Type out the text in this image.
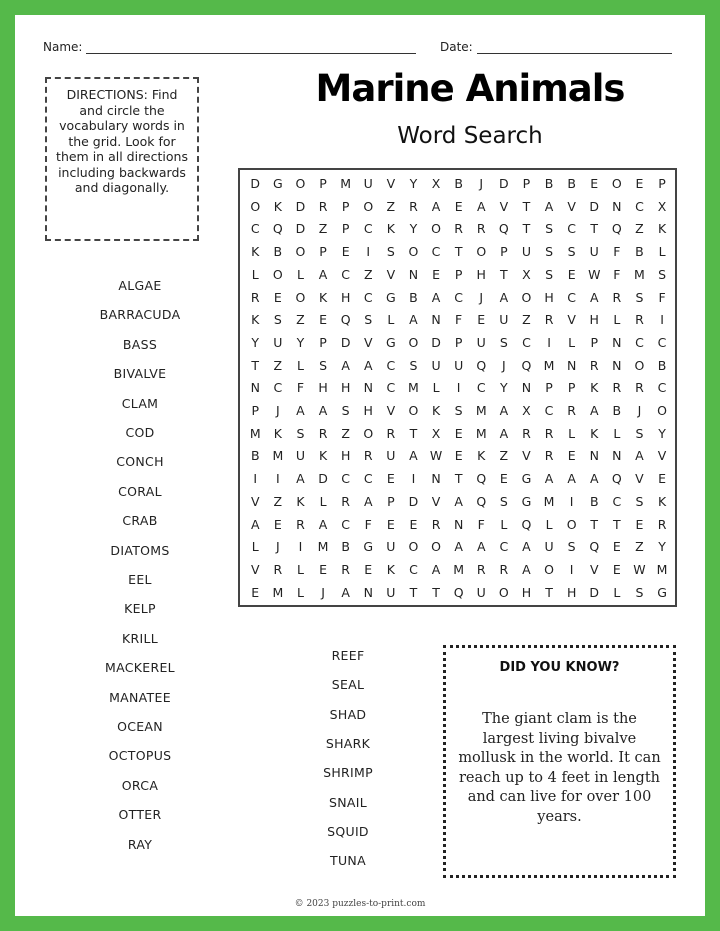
Name:	Date:
DIRECTIONS: Find and circle the vocabulary words in the grid. Look for them in all directions including backwards and diagonally.
Marine Animals
Word Search
D	G	O	P	M	U	V	Y	X	B	J	D	P	B	B	E	O	E	P
O	K	D	R	P	O	Z	R	A	E	A	V	T	A	V	D	N	C	X
C	Q	D	Z	P	C	K	Y	O	R	R	Q	T	S	C	T	Q	Z	K
K	B	O	P	E	I	S	O	C	T	O	P	U	S	S	U	F	B	L
L	O	L	A	C	Z	V	N	E	P	H	T	X	S	E W	F	M	S
R	E	O	K	H	C	G	B	A	C	J	A	O	H	C	A	R	S	F
K	S	Z	E	Q	S	L	A	N	F	E	U	Z	R	V	H	L	R	I
Y	U	Y	P	D	V	G	O	D	P	U	S	C	I	L	P	N	C	C
T	Z	L	S	A	A	C	S	U	U	Q	J	Q M	N	R	N	O	B
N	C	F	H	H	N	C	M	L	I	C	Y	N	P	P	K	R	R	C
P	J	A	A	S	H	V	O	K	S	M	A	X	C	R	A	B	J	O
M	K	S	R	Z	O	R	T	X	E	M	A	R	R	L	K	L	S	Y
B	M	U	K	H	R	U	A W E	K	Z	V	R	E	N	N	A	V
I	I	A	D	C	C	E	I	N	T	Q	E	G	A	A	A	Q	V	E
V	Z	K	L	R	A	P	D	V	A	Q	S	G M	I	B	C	S	K
A	E	R	A	C	F	E	E	R	N	F	L	Q	L	O	T	T	E	R
L	J	I	M	B	G	U	O	O	A	A	C	A	U	S	Q	E	Z	Y
V	R	L	E	R	E	K	C	A	M	R	R	A	O	I	V	E W M
E	M	L	J	A	N	U	T	T	Q	U	O	H	T	H	D	L	S	G
ALGAE
BARRACUDA
BASS
BIVALVE
CLAM
COD
CONCH
CORAL
CRAB
DIATOMS
EEL
KELP
KRILL
MACKEREL
MANATEE
OCEAN
OCTOPUS
ORCA
OTTER
RAY
REEF
SEAL
SHAD
SHARK
SHRIMP
SNAIL
SQUID
TUNA
DID YOU KNOW?
The giant clam is the largest living bivalve mollusk in the world. It can reach up to 4 feet in length and can live for over 100 years.
© 2023 puzzles-to-print.com
